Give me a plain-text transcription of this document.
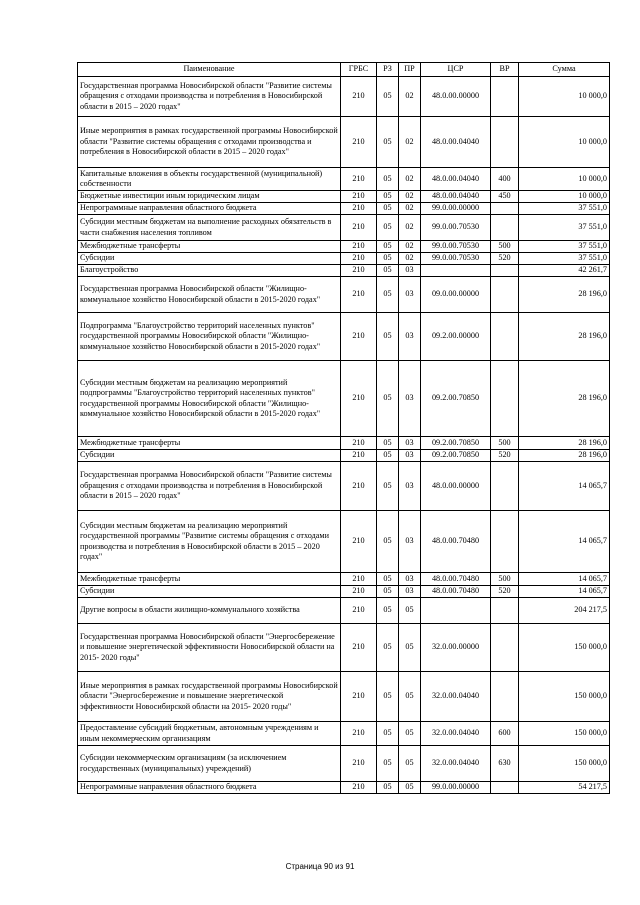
Паименование	ГРБС	РЗ	ПР	ЦСР	ВР	Сумма
Государственная программа Новосибирской области "Развитие системы обращения с отходами производства и потребления в Новосибирской области в 2015 – 2020 годах"	210	05	02	48.0.00.00000		10 000,0
Иные мероприятия в рамках государственной программы Новосибирской области "Развитие системы обращения с отходами производства и потребления в Новосибирской области в 2015 – 2020 годах"	210	05	02	48.0.00.04040		10 000,0
Капитальные вложения в объекты государственной (муниципальной) собственности	210	05	02	48.0.00.04040	400	10 000,0
Бюджетные инвестиции иным юридическим лицам	210	05	02	48.0.00.04040	450	10 000,0
Непрограммные направления областного бюджета	210	05	02	99.0.00.00000		37 551,0
Субсидии местным бюджетам на выполнение расходных обязательств в части снабжения населения топливом	210	05	02	99.0.00.70530		37 551,0
Межбюджетные трансферты	210	05	02	99.0.00.70530	500	37 551,0
Субсидии	210	05	02	99.0.00.70530	520	37 551,0
Благоустройство	210	05	03			42 261,7
Государственная программа Новосибирской области "Жилищно-коммунальное хозяйство Новосибирской области в 2015-2020 годах"	210	05	03	09.0.00.00000		28 196,0
Подпрограмма "Благоустройство территорий населенных пунктов" государственной программы Новосибирской области "Жилищно-коммунальное хозяйство Новосибирской области в 2015-2020 годах"	210	05	03	09.2.00.00000		28 196,0
Субсидии местным бюджетам на реализацию мероприятий подпрограммы "Благоустройство территорий населенных пунктов" государственной программы Новосибирской области "Жилищно-коммунальное хозяйство Новосибирской области в 2015-2020 годах"	210	05	03	09.2.00.70850		28 196,0
Межбюджетные трансферты	210	05	03	09.2.00.70850	500	28 196,0
Субсидии	210	05	03	09.2.00.70850	520	28 196,0
Государственная программа Новосибирской области "Развитие системы обращения с отходами производства и потребления в Новосибирской области в 2015 – 2020 годах"	210	05	03	48.0.00.00000		14 065,7
Субсидии местным бюджетам на реализацию мероприятий государственной программы "Развитие системы обращения с отходами производства и потребления в Новосибирской области в 2015 – 2020 годах"	210	05	03	48.0.00.70480		14 065,7
Межбюджетные трансферты	210	05	03	48.0.00.70480	500	14 065,7
Субсидии	210	05	03	48.0.00.70480	520	14 065,7
Другие вопросы в области жилищно-коммунального хозяйства	210	05	05			204 217,5
Государственная программа Новосибирской области "Энергосбережение и повышение энергетической эффективности Новосибирской области на 2015- 2020 годы"	210	05	05	32.0.00.00000		150 000,0
Иные мероприятия в рамках государственной программы Новосибирской области "Энергосбережение и повышение энергетической эффективности Новосибирской области на 2015- 2020 годы"	210	05	05	32.0.00.04040		150 000,0
Предоставление субсидий бюджетным, автономным учреждениям и иным некоммерческим организациям	210	05	05	32.0.00.04040	600	150 000,0
Субсидии некоммерческим организациям (за исключением государственных (муниципальных) учреждений)	210	05	05	32.0.00.04040	630	150 000,0
Непрограммные направления областного бюджета	210	05	05	99.0.00.00000		54 217,5
Страница 90 из 91
